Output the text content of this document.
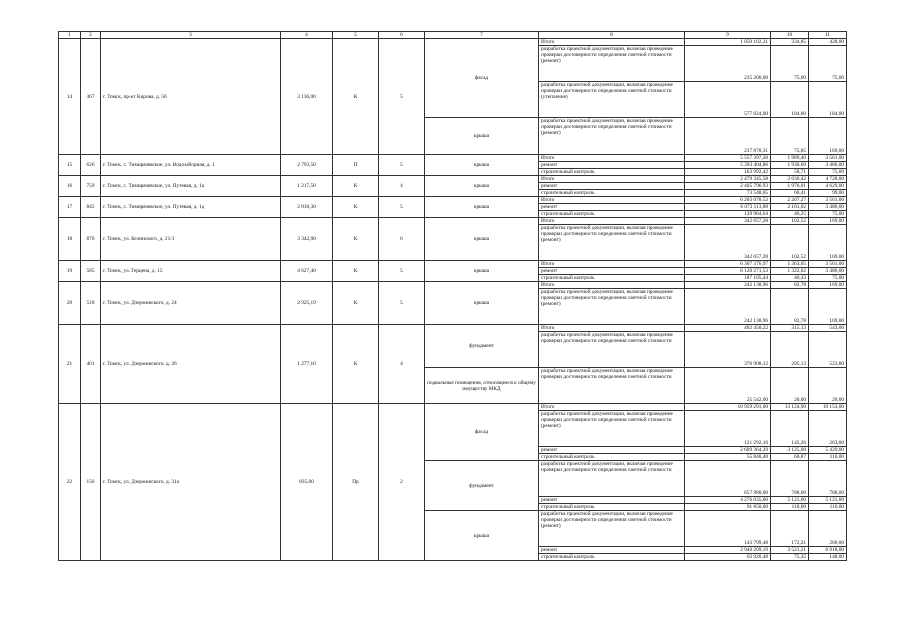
1	2	3	4	5	6	7	8	9	10	11
14	367	г. Томск, пр-кт Кирова, д. 56	3 136,00	К	5	фасад	Итого	1 050 102,31	334,85	428,00
							разработка проектной документации, включая проведение проверки достоверности определения сметной стоимости (ремонт)	235 200,00	75,00	75,00
							разработка проектной документации, включая проведение проверки достоверности определения сметной стоимости (утепление)	577 024,00	184,00	184,00
						крыша	разработка проектной документации, включая проведение проверки достоверности определения сметной стоимости (ремонт)	237 878,31	75,85	169,00
15	626	г. Томск, с. Тимирязевское, ул. Водозаборная, д. 1	2 793,50	П	5	крыша	Итого	5 557 397,28	1 989,40	3 561,00
							ремонт	5 393 404,86	1 930,69	3 486,00
							строительный контроль	163 992,42	58,71	75,00
16	759	г. Томск, с. Тимирязевское, ул. Путевая, д. 1а	1 217,50	К	4	крыша	Итого	2 479 345,58	2 036,42	4 728,00
							ремонт	2 405 796,93	1 976,01	4 629,00
							строительный контроль	73 548,65	60,41	99,00
17	845	г. Томск, с. Тимирязевское, ул. Путевая, д. 1д	2 810,30	К	5	крыша	Итого	6 203 078,52	2 207,27	3 561,00
							ремонт	6 073 113,88	2 161,02	3 486,00
							строительный контроль	129 964,64	46,25	75,00
18	870	г. Томск, ул. Белинского, д. 21/1	3 342,90	К	6	крыша	Итого	342 657,28	102,52	169,00
							разработка проектной документации, включая проведение проверки достоверности определения сметной стоимости (ремонт)	342 657,28	102,52	169,00
19	585	г. Томск, ул. Герцена, д. 15	4 627,40	К	5	крыша	Итого	6 307 376,97	1 363,05	3 561,00
							ремонт	6 120 271,53	1 322,62	3 486,00
							строительный контроль	187 105,44	40,43	75,00
20	518	г. Томск, ул. Дзержинского, д. 24	2 925,19	К	5	крыша	Итого	242 138,96	82,78	169,00
							разработка проектной документации, включая проведение проверки достоверности определения сметной стоимости (ремонт)	242 138,96	82,78	169,00
21	401	г. Томск, ул. Дзержинского, д. 26	1 277,10	К	4	фундамент	Итого	402 450,22	315,13	543,00
							разработка проектной документации, включая проведение проверки достоверности определения сметной стоимости	376 908,12	295,13	523,00
						подвальные помещения, относящиеся к общему имуществу МКД	разработка проектной документации, включая проведение проверки достоверности определения сметной стоимости	25 542,00	20,00	20,00
22	156	г. Томск, ул. Дзержинского, д. 31а	835,00	Пр	2	фасад	Итого	10 959 291,00	13 124,90	19 153,00
							разработка проектной документации, включая проведение проверки достоверности определения сметной стоимости (ремонт)	121 292,16	145,26	263,00
							ремонт	2 609 364,29	3 125,00	5 429,00
							строительный контроль	55 840,40	66,87	116,00
						фундамент	разработка проектной документации, включая проведение проверки достоверности определения сметной стоимости	657 980,00	788,00	788,00
							ремонт	4 276 035,00	5 121,00	5 121,00
							строительный контроль	91 850,00	110,00	110,00
						крыша	разработка проектной документации, включая проведение проверки достоверности определения сметной стоимости (ремонт)	143 799,48	172,21	260,00
							ремонт	2 940 209,19	3 521,21	6 918,00
							строительный контроль	62 920,48	75,35	148,00
